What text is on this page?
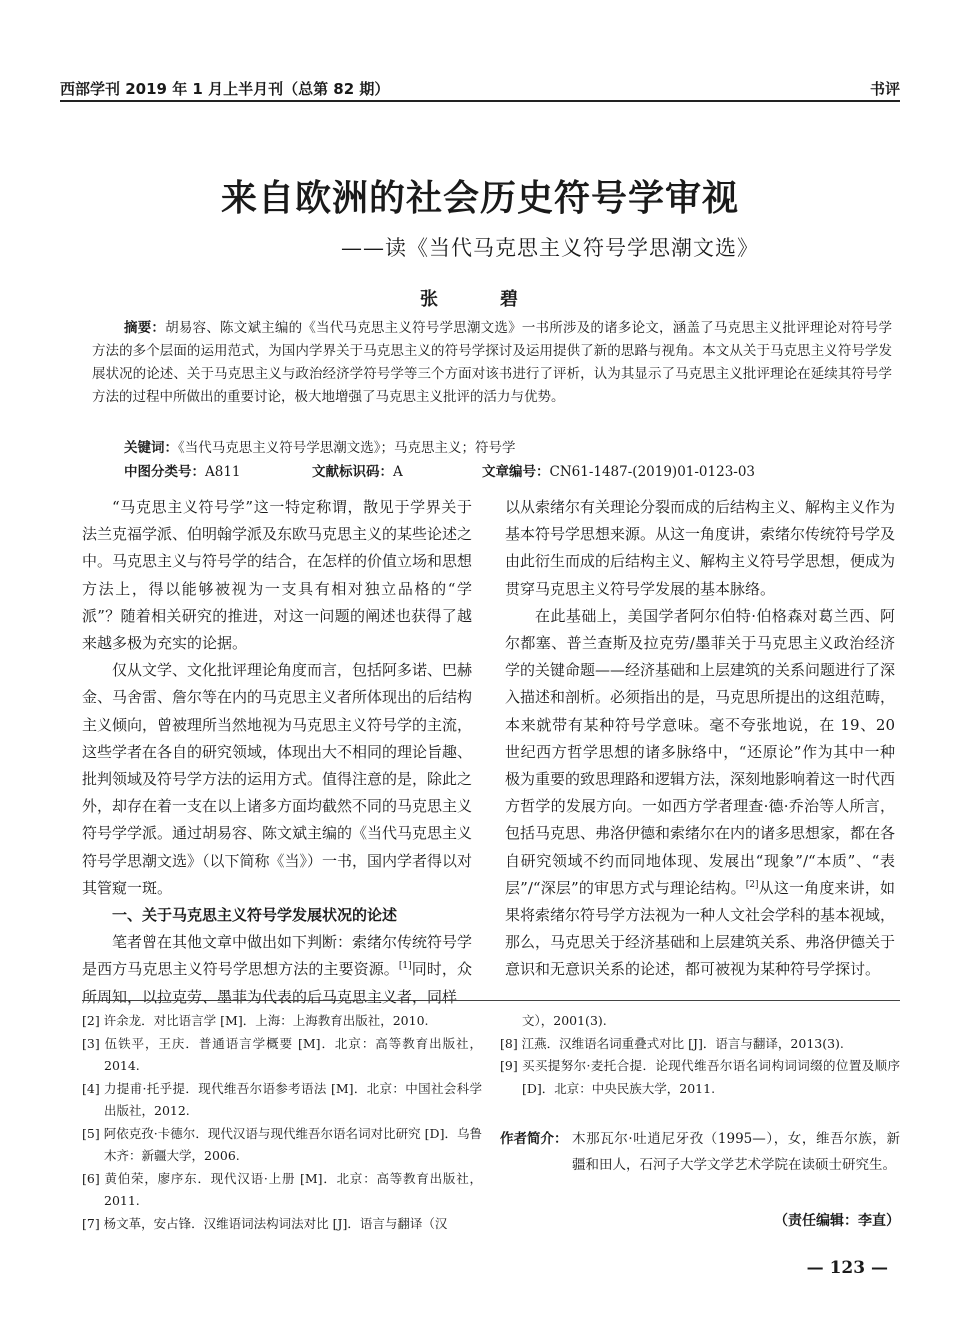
西部学刊 2019 年 1 月上半月刊（总第 82 期）	书评
来自欧洲的社会历史符号学审视
——读《当代马克思主义符号学思潮文选》
张　碧
摘要：胡易容、陈文斌主编的《当代马克思主义符号学思潮文选》一书所涉及的诸多论文，涵盖了马克思主义批评理论对符号学方法的多个层面的运用范式，为国内学界关于马克思主义的符号学探讨及运用提供了新的思路与视角。本文从关于马克思主义符号学发展状况的论述、关于马克思主义与政治经济学符号学等三个方面对该书进行了评析，认为其显示了马克思主义批评理论在延续其符号学方法的过程中所做出的重要讨论，极大地增强了马克思主义批评的活力与优势。
关键词：《当代马克思主义符号学思潮文选》；马克思主义；符号学
中图分类号：A811	文献标识码：A	文章编号：CN61-1487-(2019)01-0123-03

“马克思主义符号学”这一特定称谓，散见于学界关于法兰克福学派、伯明翰学派及东欧马克思主义的某些论述之中。马克思主义与符号学的结合，在怎样的价值立场和思想方法上，得以能够被视为一支具有相对独立品格的“学派”？随着相关研究的推进，对这一问题的阐述也获得了越来越多极为充实的论据。

仅从文学、文化批评理论角度而言，包括阿多诺、巴赫金、马舍雷、詹尔等在内的马克思主义者所体现出的后结构主义倾向，曾被理所当然地视为马克思主义符号学的主流，这些学者在各自的研究领域，体现出大不相同的理论旨趣、批判领域及符号学方法的运用方式。值得注意的是，除此之外，却存在着一支在以上诸多方面均截然不同的马克思主义符号学学派。通过胡易容、陈文斌主编的《当代马克思主义符号学思潮文选》（以下简称《当》）一书，国内学者得以对其管窥一斑。

一、关于马克思主义符号学发展状况的论述

笔者曾在其他文章中做出如下判断：索绪尔传统符号学是西方马克思主义符号学思想方法的主要资源。[1]同时，众所周知，以拉克劳、墨菲为代表的后马克思主义者，同样

以从索绪尔有关理论分裂而成的后结构主义、解构主义作为基本符号学思想来源。从这一角度讲，索绪尔传统符号学及由此衍生而成的后结构主义、解构主义符号学思想，便成为贯穿马克思主义符号学发展的基本脉络。

在此基础上，美国学者阿尔伯特·伯格森对葛兰西、阿尔都塞、普兰查斯及拉克劳/墨菲关于马克思主义政治经济学的关键命题——经济基础和上层建筑的关系问题进行了深入描述和剖析。必须指出的是，马克思所提出的这组范畴，本来就带有某种符号学意味。毫不夸张地说，在 19、20 世纪西方哲学思想的诸多脉络中，“还原论”作为其中一种极为重要的致思理路和逻辑方法，深刻地影响着这一时代西方哲学的发展方向。一如西方学者理查·德·乔治等人所言，包括马克思、弗洛伊德和索绪尔在内的诸多思想家，都在各自研究领域不约而同地体现、发展出“现象”/“本质”、“表层”/“深层”的审思方式与理论结构。[2]从这一角度来讲，如果将索绪尔符号学方法视为一种人文社会学科的基本视域，那么，马克思关于经济基础和上层建筑关系、弗洛伊德关于意识和无意识关系的论述，都可被视为某种符号学探讨。

[2] 许余龙．对比语言学 [M]．上海：上海教育出版社，2010.
[3] 伍铁平，王庆．普通语言学概要 [M]．北京：高等教育出版社，2014.
[4] 力提甫·托乎提．现代维吾尔语参考语法 [M]．北京：中国社会科学出版社，2012.
[5] 阿依克孜·卡德尔．现代汉语与现代维吾尔语名词对比研究 [D]．乌鲁木齐：新疆大学，2006.
[6] 黄伯荣，廖序东．现代汉语·上册 [M]．北京：高等教育出版社，2011.
[7] 杨文革，安占锋．汉维语词法构词法对比 [J]．语言与翻译（汉
文），2001(3).
[8] 江燕．汉维语名词重叠式对比 [J]．语言与翻译，2013(3).
[9] 买买提努尔·麦托合提．论现代维吾尔语名词构词词缀的位置及顺序 [D]．北京：中央民族大学，2011.
作者简介： 木那瓦尔·吐逍尼牙孜（1995—），女，维吾尔族，新疆和田人，石河子大学文学艺术学院在读硕士研究生。
（责任编辑：李直）
— 123 —
